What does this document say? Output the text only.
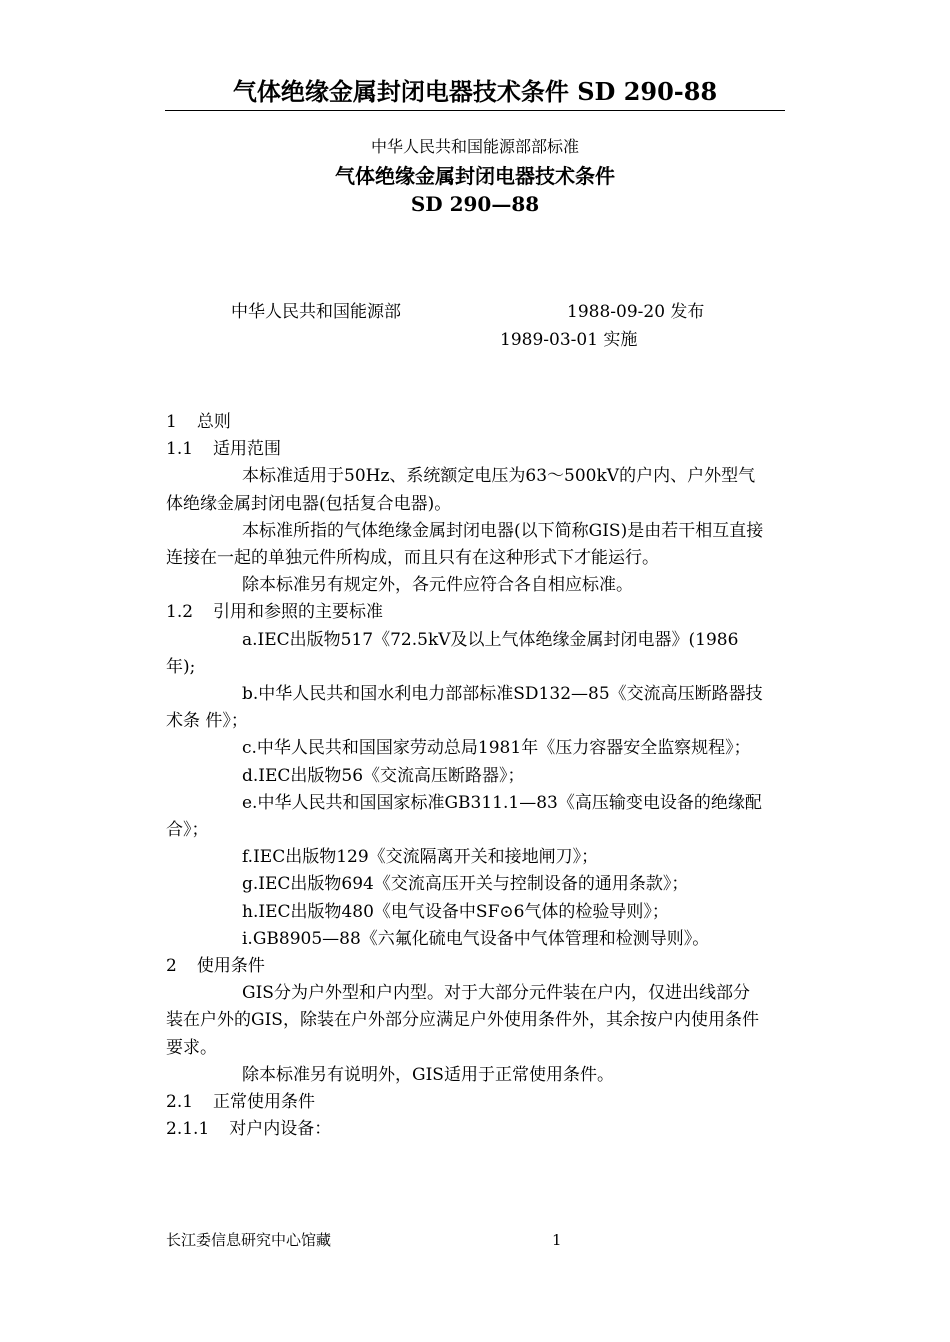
气体绝缘金属封闭电器技术条件 SD 290-88
中华人民共和国能源部部标准
气体绝缘金属封闭电器技术条件
SD 290—88
中华人民共和国能源部	1988-09-20 发布
1989-03-01 实施

1 总则

1.1 适用范围

本标准适用于50Hz、系统额定电压为63～500kV的户内、户外型气体绝缘金属封闭电器(包括复合电器)。

本标准所指的气体绝缘金属封闭电器(以下简称GIS)是由若干相互直接连接在一起的单独元件所构成，而且只有在这种形式下才能运行。

除本标准另有规定外，各元件应符合各自相应标准。

1.2 引用和参照的主要标准

a.IEC出版物517《72.5kV及以上气体绝缘金属封闭电器》(1986年);

b.中华人民共和国水利电力部部标准SD132—85《交流高压断路器技术条 件》；

c.中华人民共和国国家劳动总局1981年《压力容器安全监察规程》；

d.IEC出版物56《交流高压断路器》；

e.中华人民共和国国家标准GB311.1—83《高压输变电设备的绝缘配合》；

f.IEC出版物129《交流隔离开关和接地闸刀》；

g.IEC出版物694《交流高压开关与控制设备的通用条款》；

h.IEC出版物480《电气设备中SF⊙6气体的检验导则》；

i.GB8905—88《六氟化硫电气设备中气体管理和检测导则》。

2 使用条件

GIS分为户外型和户内型。对于大部分元件装在户内，仅进出线部分装在户外的GIS，除装在户外部分应满足户外使用条件外，其余按户内使用条件要求。

除本标准另有说明外，GIS适用于正常使用条件。

2.1 正常使用条件

2.1.1 对户内设备：

长江委信息研究中心馆藏	1
